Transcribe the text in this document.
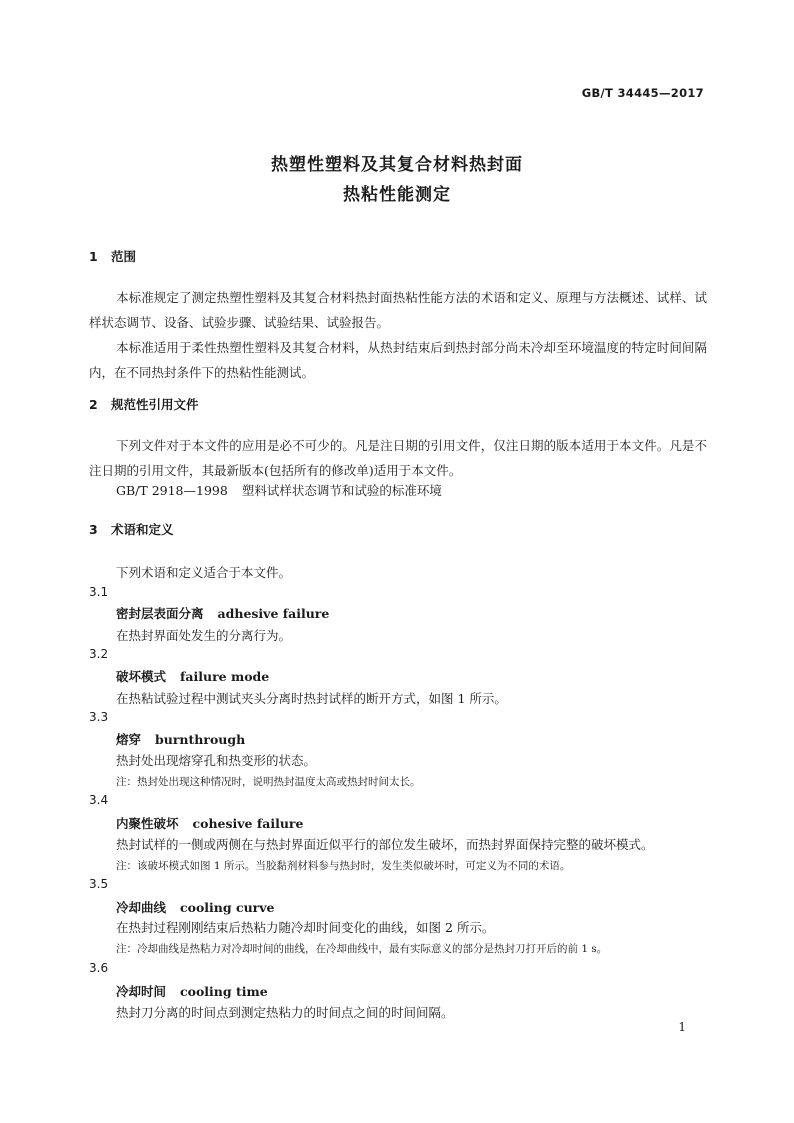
GB/T 34445—2017
热塑性塑料及其复合材料热封面
热粘性能测定
1 范围
本标准规定了测定热塑性塑料及其复合材料热封面热粘性能方法的术语和定义、原理与方法概述、试样、试样状态调节、设备、试验步骤、试验结果、试验报告。
本标准适用于柔性热塑性塑料及其复合材料，从热封结束后到热封部分尚未冷却至环境温度的特定时间间隔内，在不同热封条件下的热粘性能测试。
2 规范性引用文件
下列文件对于本文件的应用是必不可少的。凡是注日期的引用文件，仅注日期的版本适用于本文件。凡是不注日期的引用文件，其最新版本(包括所有的修改单)适用于本文件。
GB/T 2918—1998 塑料试样状态调节和试验的标准环境
3 术语和定义
下列术语和定义适合于本文件。
3.1
密封层表面分离 adhesive failure
在热封界面处发生的分离行为。
3.2
破坏模式 failure mode
在热粘试验过程中测试夹头分离时热封试样的断开方式，如图 1 所示。
3.3
熔穿 burnthrough
热封处出现熔穿孔和热变形的状态。
注：热封处出现这种情况时，说明热封温度太高或热封时间太长。
3.4
内聚性破坏 cohesive failure
热封试样的一侧或两侧在与热封界面近似平行的部位发生破坏，而热封界面保持完整的破坏模式。
注：该破坏模式如图 1 所示。当胶黏剂材料参与热封时，发生类似破坏时，可定义为不同的术语。
3.5
冷却曲线 cooling curve
在热封过程刚刚结束后热粘力随冷却时间变化的曲线，如图 2 所示。
注：冷却曲线是热粘力对冷却时间的曲线，在冷却曲线中，最有实际意义的部分是热封刀打开后的前 1 s。
3.6
冷却时间 cooling time
热封刀分离的时间点到测定热粘力的时间点之间的时间间隔。
1
